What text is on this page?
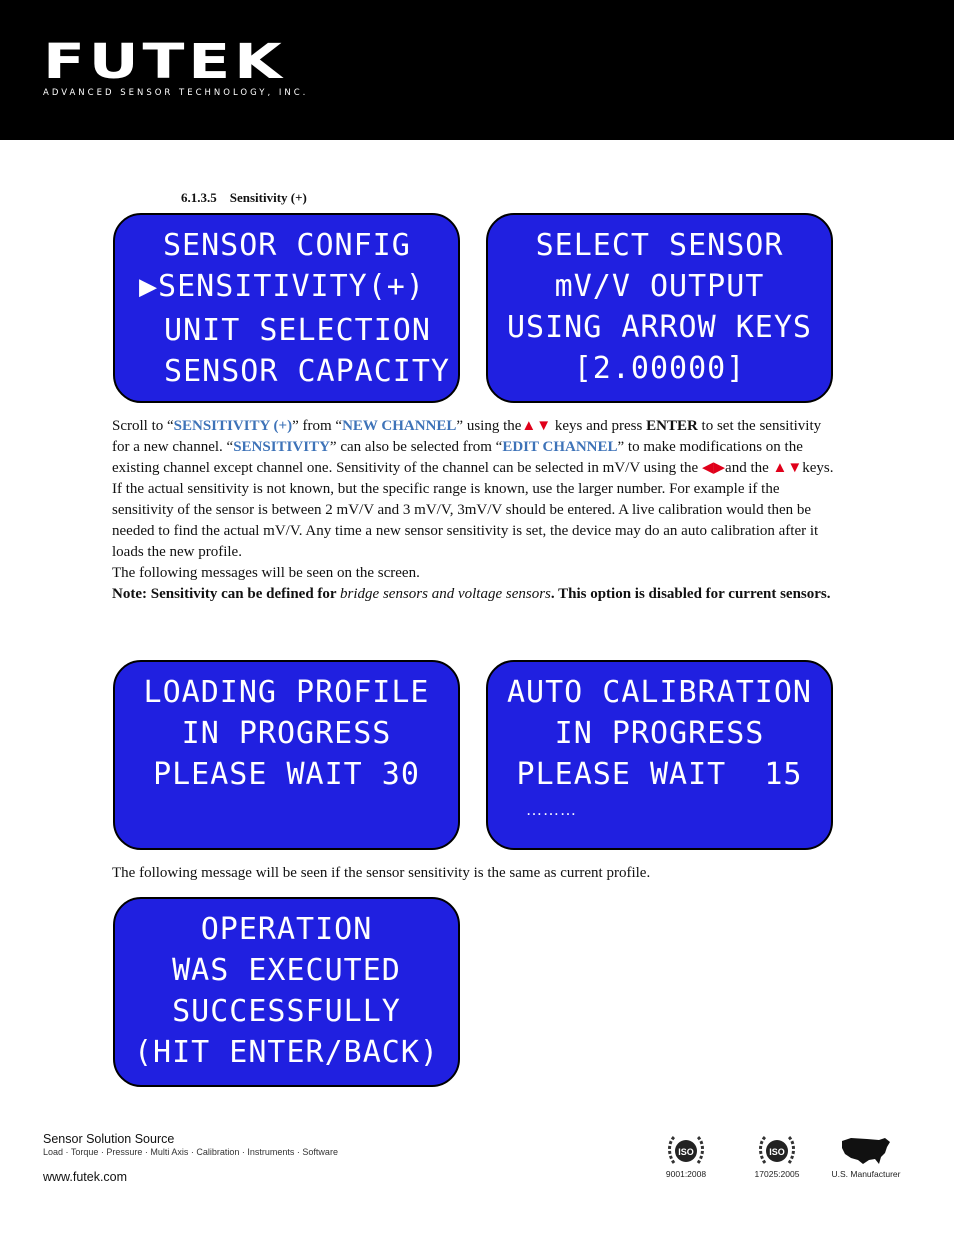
FUTEK
ADVANCED SENSOR TECHNOLOGY, INC.
6.1.3.5 Sensitivity (+)
SENSOR CONFIG
▶SENSITIVITY(+)
UNIT SELECTION
SENSOR CAPACITY
SELECT SENSOR
mV/V OUTPUT
USING ARROW KEYS
[2.00000]

Scroll to “SENSITIVITY (+)” from “NEW CHANNEL” using the▲▼ keys and press ENTER to set the sensitivity for a new channel. “SENSITIVITY” can also be selected from “EDIT CHANNEL” to make modifications on the existing channel except channel one. Sensitivity of the channel can be selected in mV/V using the ◀▶and the ▲▼keys.

If the actual sensitivity is not known, but the specific range is known, use the larger number. For example if the sensitivity of the sensor is between 2 mV/V and 3 mV/V, 3mV/V should be entered. A live calibration would then be needed to find the actual mV/V. Any time a new sensor sensitivity is set, the device may do an auto calibration after it loads the new profile.

The following messages will be seen on the screen.

Note: Sensitivity can be defined for bridge sensors and voltage sensors. This option is disabled for current sensors.

LOADING PROFILE
IN PROGRESS
PLEASE WAIT 30
AUTO CALIBRATION
IN PROGRESS
PLEASE WAIT  15
………
The following message will be seen if the sensor sensitivity is the same as current profile.
OPERATION
WAS EXECUTED
SUCCESSFULLY
(HIT ENTER/BACK)
Sensor Solution Source
Load · Torque · Pressure · Multi Axis · Calibration · Instruments · Software
www.futek.com
ISO
9001:2008
ISO
17025:2005	U.S. Manufacturer
